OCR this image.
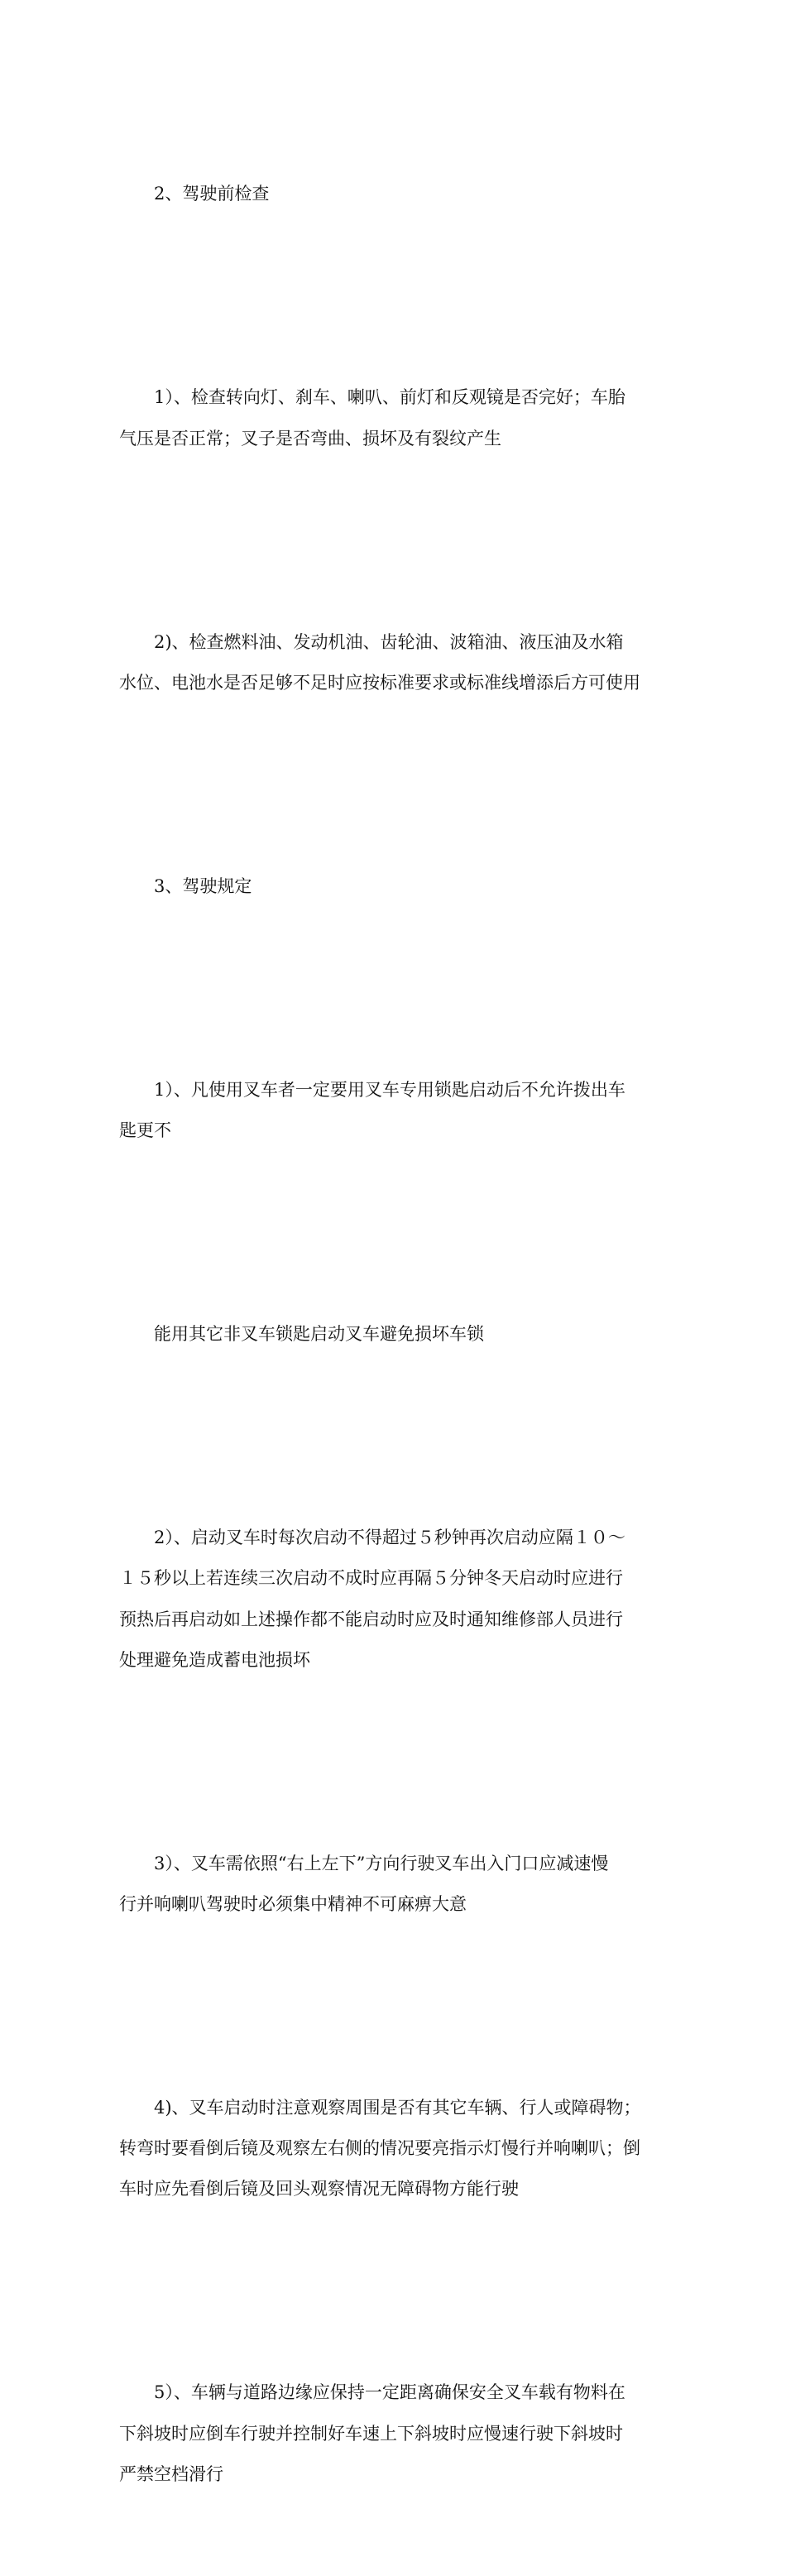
2、驾驶前检查

1）、检查转向灯、刹车、喇叭、前灯和反观镜是否完好；车胎
气压是否正常；叉子是否弯曲、损坏及有裂纹产生

2)、检查燃料油、发动机油、齿轮油、波箱油、液压油及水箱
水位、电池水是否足够不足时应按标准要求或标准线增添后方可使用

3、驾驶规定

1）、凡使用叉车者一定要用叉车专用锁匙启动后不允许拨出车
匙更不

能用其它非叉车锁匙启动叉车避免损坏车锁

2）、启动叉车时每次启动不得超过５秒钟再次启动应隔１０～
１５秒以上若连续三次启动不成时应再隔５分钟冬天启动时应进行
预热后再启动如上述操作都不能启动时应及时通知维修部人员进行
处理避免造成蓄电池损坏

3）、叉车需依照“右上左下”方向行驶叉车出入门口应减速慢
行并响喇叭驾驶时必须集中精神不可麻痹大意

4)、叉车启动时注意观察周围是否有其它车辆、行人或障碍物；
转弯时要看倒后镜及观察左右侧的情况要亮指示灯慢行并响喇叭；倒
车时应先看倒后镜及回头观察情况无障碍物方能行驶

5）、车辆与道路边缘应保持一定距离确保安全叉车载有物料在
下斜坡时应倒车行驶并控制好车速上下斜坡时应慢速行驶下斜坡时
严禁空档滑行
